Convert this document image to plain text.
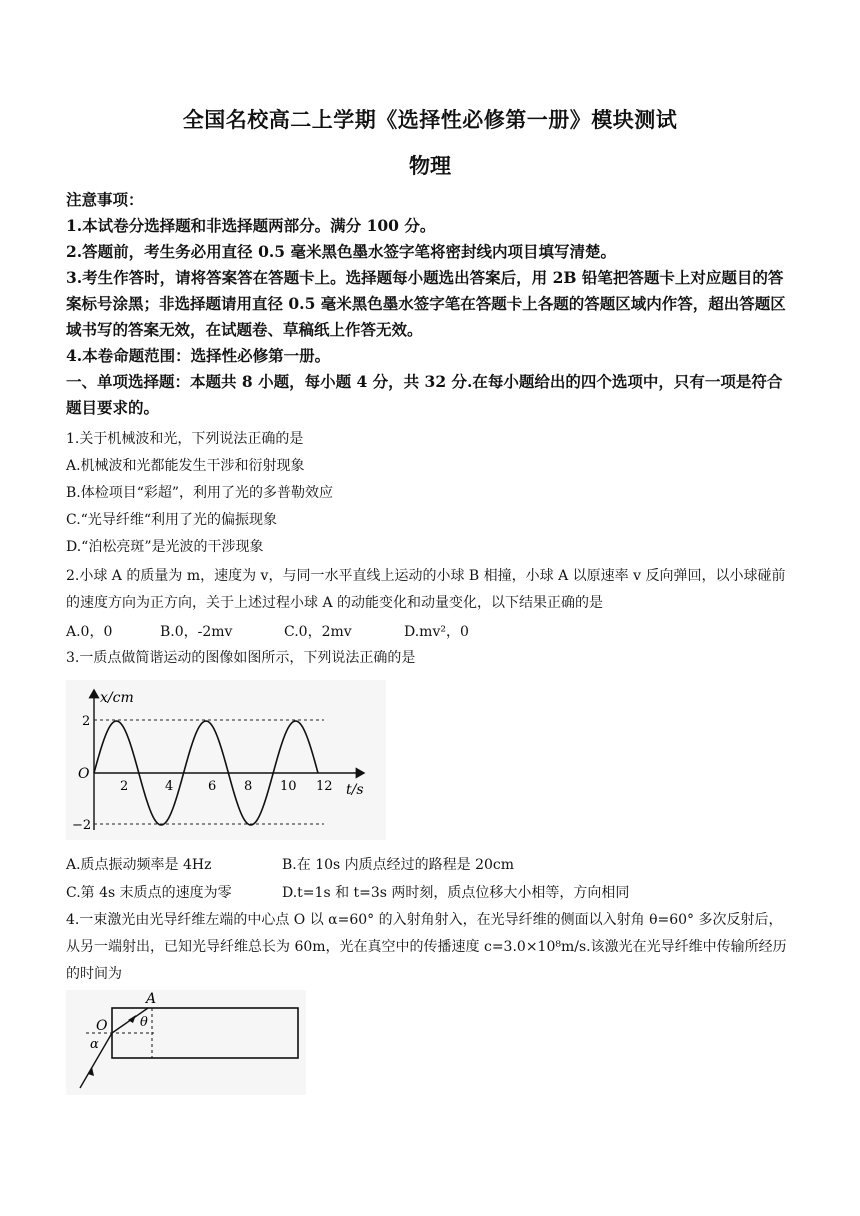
全国名校高二上学期《选择性必修第一册》模块测试
物理
注意事项：
1.本试卷分选择题和非选择题两部分。满分 100 分。
2.答题前，考生务必用直径 0.5 毫米黑色墨水签字笔将密封线内项目填写清楚。
3.考生作答时，请将答案答在答题卡上。选择题每小题选出答案后，用 2B 铅笔把答题卡上对应题目的答案标号涂黑；非选择题请用直径 0.5 毫米黑色墨水签字笔在答题卡上各题的答题区域内作答，超出答题区域书写的答案无效，在试题卷、草稿纸上作答无效。
4.本卷命题范围：选择性必修第一册。
一、单项选择题：本题共 8 小题，每小题 4 分，共 32 分.在每小题给出的四个选项中，只有一项是符合题目要求的。
1.关于机械波和光，下列说法正确的是
A.机械波和光都能发生干涉和衍射现象
B.体检项目“彩超”，利用了光的多普勒效应
C.“光导纤维“利用了光的偏振现象
D.“泊松亮斑”是光波的干涉现象
2.小球 A 的质量为 m，速度为 v，与同一水平直线上运动的小球 B 相撞，小球 A 以原速率 v 反向弹回，以小球碰前的速度方向为正方向，关于上述过程小球 A 的动能变化和动量变化，以下结果正确的是
A.0，0	B.0，-2mv	C.0，2mv	D.mv²，0
3.一质点做简谐运动的图像如图所示，下列说法正确的是
x/cm
t/s
O
2
−2
2	4	6 8 10 12
A.质点振动频率是 4Hz	B.在 10s 内质点经过的路程是 20cm
C.第 4s 末质点的速度为零	D.t=1s 和 t=3s 两时刻，质点位移大小相等，方向相同
4.一束激光由光导纤维左端的中心点 O 以 α=60° 的入射角射入，在光导纤维的侧面以入射角 θ=60° 多次反射后，从另一端射出，已知光导纤维总长为 60m，光在真空中的传播速度 c=3.0×10⁸m/s.该激光在光导纤维中传输所经历的时间为
A
O	θ
α
